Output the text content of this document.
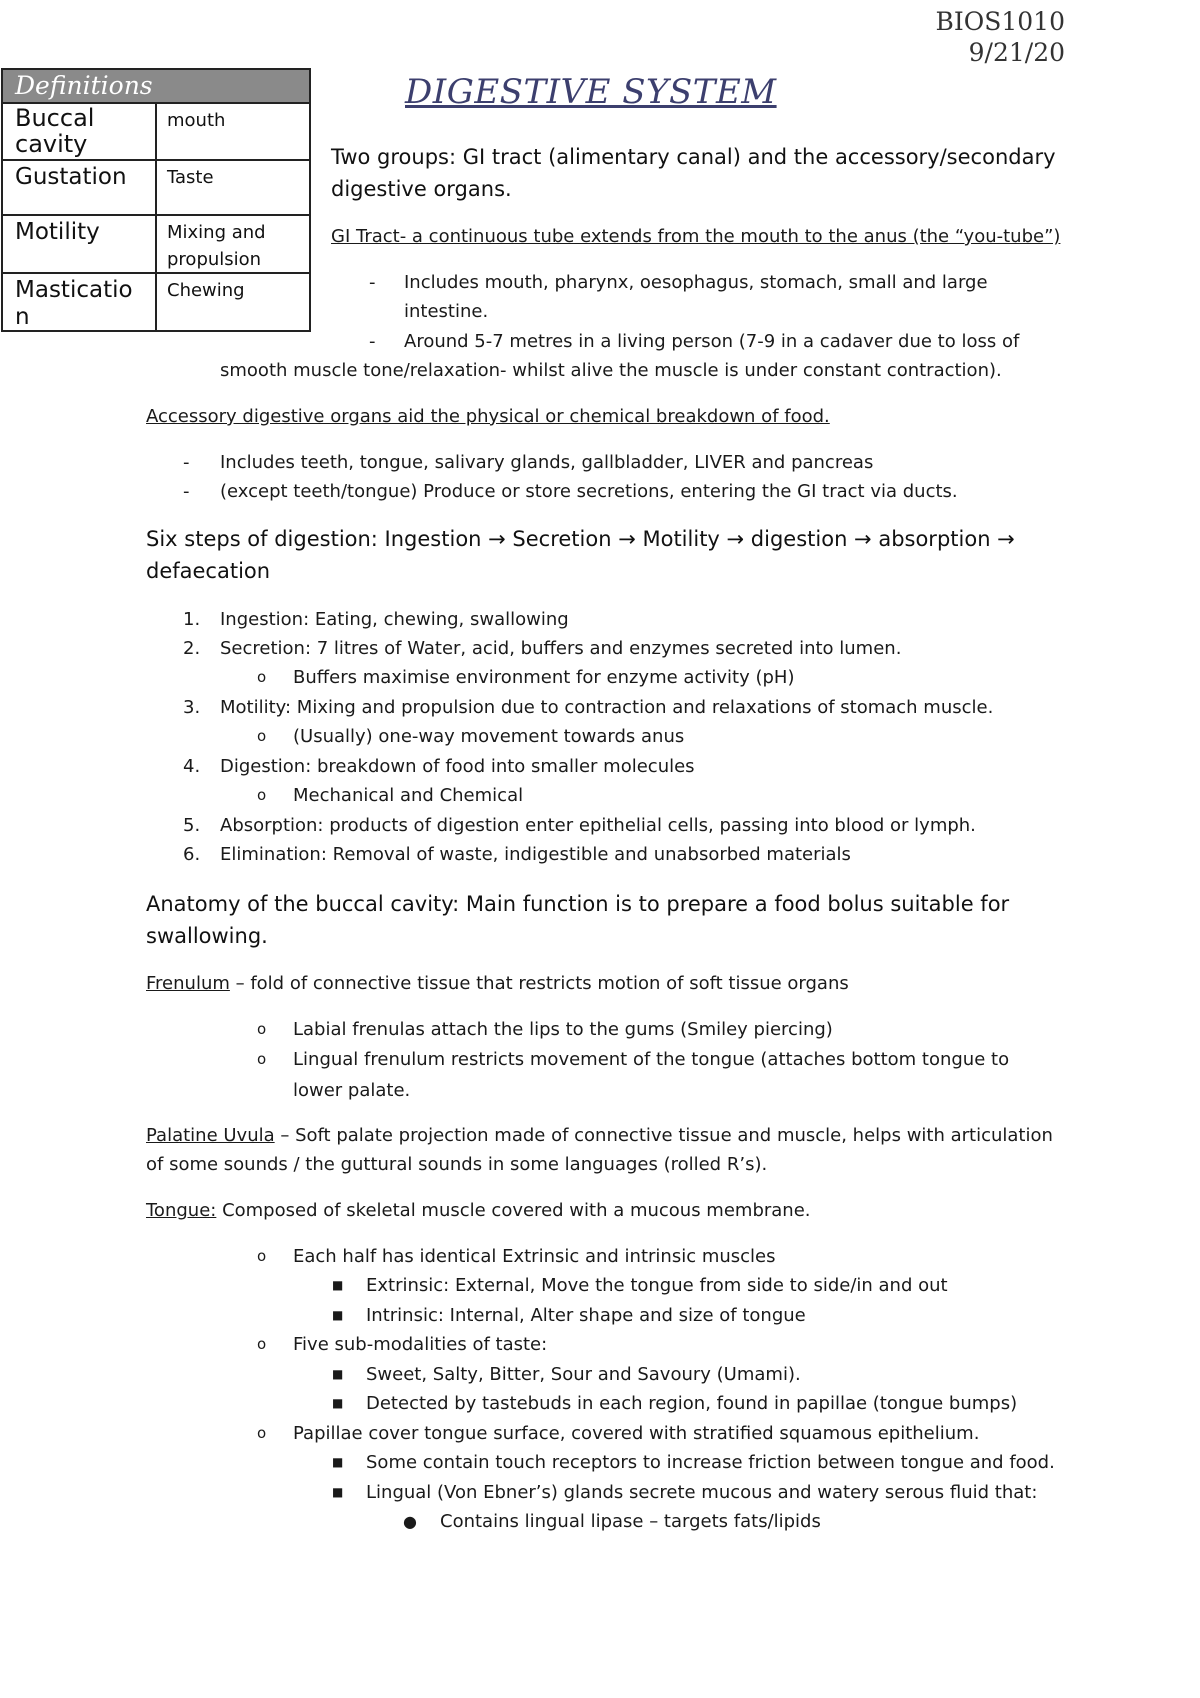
BIOS1010
9/21/20
DIGESTIVE SYSTEM
Definitions
Buccal cavity
mouth
Gustation	Taste
Motility	Mixing and propulsion
Mastication
Chewing
Two groups: GI tract (alimentary canal) and the accessory/secondary
digestive organs.
GI Tract- a continuous tube extends from the mouth to the anus (the “you-tube”)
- Includes mouth, pharynx, oesophagus, stomach, small and large
intestine.
- Around 5-7 metres in a living person (7-9 in a cadaver due to loss of
smooth muscle tone/relaxation- whilst alive the muscle is under constant contraction).
Accessory digestive organs aid the physical or chemical breakdown of food.
- Includes teeth, tongue, salivary glands, gallbladder, LIVER and pancreas
- (except teeth/tongue) Produce or store secretions, entering the GI tract via ducts.
Six steps of digestion: Ingestion → Secretion → Motility → digestion → absorption →
defaecation
1. Ingestion: Eating, chewing, swallowing
2. Secretion: 7 litres of Water, acid, buffers and enzymes secreted into lumen.
o Buffers maximise environment for enzyme activity (pH)
3. Motility: Mixing and propulsion due to contraction and relaxations of stomach muscle.
o (Usually) one-way movement towards anus
4. Digestion: breakdown of food into smaller molecules
o Mechanical and Chemical
5. Absorption: products of digestion enter epithelial cells, passing into blood or lymph.
6. Elimination: Removal of waste, indigestible and unabsorbed materials
Anatomy of the buccal cavity: Main function is to prepare a food bolus suitable for
swallowing.
Frenulum – fold of connective tissue that restricts motion of soft tissue organs
o Labial frenulas attach the lips to the gums (Smiley piercing)
o Lingual frenulum restricts movement of the tongue (attaches bottom tongue to
lower palate.
Palatine Uvula – Soft palate projection made of connective tissue and muscle, helps with articulation
of some sounds / the guttural sounds in some languages (rolled R’s).
Tongue: Composed of skeletal muscle covered with a mucous membrane.
o Each half has identical Extrinsic and intrinsic muscles
■ Extrinsic: External, Move the tongue from side to side/in and out
■ Intrinsic: Internal, Alter shape and size of tongue
o Five sub-modalities of taste:
■ Sweet, Salty, Bitter, Sour and Savoury (Umami).
■ Detected by tastebuds in each region, found in papillae (tongue bumps)
o Papillae cover tongue surface, covered with stratified squamous epithelium.
■ Some contain touch receptors to increase friction between tongue and food.
■ Lingual (Von Ebner’s) glands secrete mucous and watery serous fluid that:
● Contains lingual lipase – targets fats/lipids
